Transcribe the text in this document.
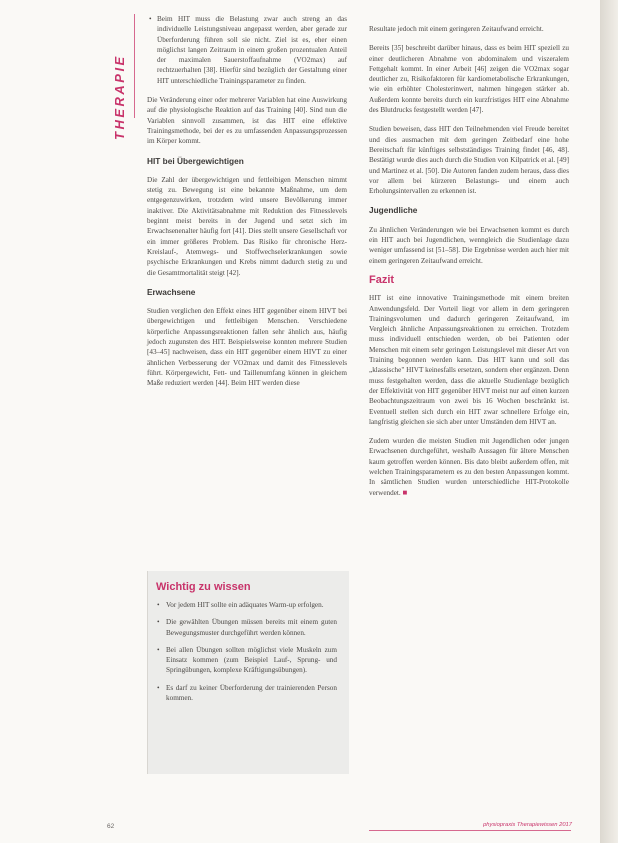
THERAPIE
• Beim HIT muss die Belastung zwar auch streng an das individuelle Leistungsniveau angepasst werden, aber gerade zur Überforderung führen soll sie nicht. Ziel ist es, eher einen möglichst langen Zeitraum in einem großen prozentualen Anteil der maximalen Sauerstoffaufnahme (VO2max) auf rechtzuerhalten [38]. Hierfür sind bezüglich der Gestaltung einer HIT unterschiedliche Trainingsparameter zu finden.

Die Veränderung einer oder mehrerer Variablen hat eine Auswirkung auf die physiologische Reaktion auf das Training [40]. Sind nun die Variablen sinnvoll zusammen, ist das HIT eine effektive Trainingsmethode, bei der es zu umfassenden Anpassungsprozessen im Körper kommt.

HIT bei Übergewichtigen

Die Zahl der übergewichtigen und fettleibigen Menschen nimmt stetig zu. Bewegung ist eine bekannte Maßnahme, um dem entgegenzuwirken, trotzdem wird unsere Bevölkerung immer inaktiver. Die Aktivitätsabnahme mit Reduktion des Fitnesslevels beginnt meist bereits in der Jugend und setzt sich im Erwachsenenalter häufig fort [41]. Dies stellt unsere Gesellschaft vor ein immer größeres Problem. Das Risiko für chronische Herz-Kreislauf-, Atemwegs- und Stoffwechselerkrankungen sowie psychische Erkrankungen und Krebs nimmt dadurch stetig zu und die Gesamtmortalität steigt [42].

Erwachsene

Studien verglichen den Effekt eines HIT gegenüber einem HIVT bei übergewichtigen und fettleibigen Menschen. Verschiedene körperliche Anpassungsreaktionen fallen sehr ähnlich aus, häufig jedoch zugunsten des HIT. Beispielsweise konnten mehrere Studien [43–45] nachweisen, dass ein HIT gegenüber einem HIVT zu einer ähnlichen Verbesserung der VO2max und damit des Fitnesslevels führt. Körpergewicht, Fett- und Taillenumfang können in gleichem Maße reduziert werden [44]. Beim HIT werden diese

Wichtig zu wissen
• Vor jedem HIT sollte ein adäquates Warm-up erfolgen.
• Die gewählten Übungen müssen bereits mit einem guten Bewegungsmuster durchgeführt werden können.
• Bei allen Übungen sollten möglichst viele Muskeln zum Einsatz kommen (zum Beispiel Lauf-, Sprung- und Springübungen, komplexe Kräftigungsübungen).
• Es darf zu keiner Überforderung der trainierenden Person kommen.

Resultate jedoch mit einem geringeren Zeitaufwand erreicht.

Bereits [35] beschreibt darüber hinaus, dass es beim HIT speziell zu einer deutlicheren Abnahme von abdominalem und viszeralem Fettgehalt kommt. In einer Arbeit [46] zeigen die VO2max sogar deutlicher zu, Risikofaktoren für kardiometabolische Erkrankungen, wie ein erhöhter Cholesterinwert, nahmen hingegen stärker ab. Außerdem konnte bereits durch ein kurzfristiges HIT eine Abnahme des Blutdrucks festgestellt werden [47].

Studien beweisen, dass HIT den Teilnehmenden viel Freude bereitet und dies ausmachen mit dem geringen Zeitbedarf eine hohe Bereitschaft für künftiges selbstständiges Training findet [46, 48]. Bestätigt wurde dies auch durch die Studien von Kilpatrick et al. [49] und Martinez et al. [50]. Die Autoren fanden zudem heraus, dass dies vor allem bei kürzeren Belastungs- und einem auch Erholungsintervallen zu erkennen ist.

Jugendliche

Zu ähnlichen Veränderungen wie bei Erwachsenen kommt es durch ein HIT auch bei Jugendlichen, wenngleich die Studienlage dazu weniger umfassend ist [51–58]. Die Ergebnisse werden auch hier mit einem geringeren Zeitaufwand erreicht.

Fazit

HIT ist eine innovative Trainingsmethode mit einem breiten Anwendungsfeld. Der Vorteil liegt vor allem in dem geringeren Trainingsvolumen und dadurch geringeren Zeitaufwand, im Vergleich ähnliche Anpassungsreaktionen zu erreichen. Trotzdem muss individuell entschieden werden, ob bei Patienten oder Menschen mit einem sehr geringen Leistungslevel mit dieser Art von Training begonnen werden kann. Das HIT kann und soll das „klassische" HIVT keinesfalls ersetzen, sondern eher ergänzen. Denn muss festgehalten werden, dass die aktuelle Studienlage bezüglich der Effektivität von HIT gegenüber HIVT meist nur auf einen kurzen Beobachtungszeitraum von zwei bis 16 Wochen beschränkt ist. Eventuell stellen sich durch ein HIT zwar schnellere Erfolge ein, langfristig gleichen sie sich aber unter Umständen dem HIVT an.

Zudem wurden die meisten Studien mit Jugendlichen oder jungen Erwachsenen durchgeführt, weshalb Aussagen für ältere Menschen kaum getroffen werden können. Bis dato bleibt außerdem offen, mit welchen Trainingsparametern es zu den besten Anpassungen kommt. In sämtlichen Studien wurden unterschiedliche HIT-Protokolle verwendet. ■

62	physiopraxis Therapiewissen 2017
